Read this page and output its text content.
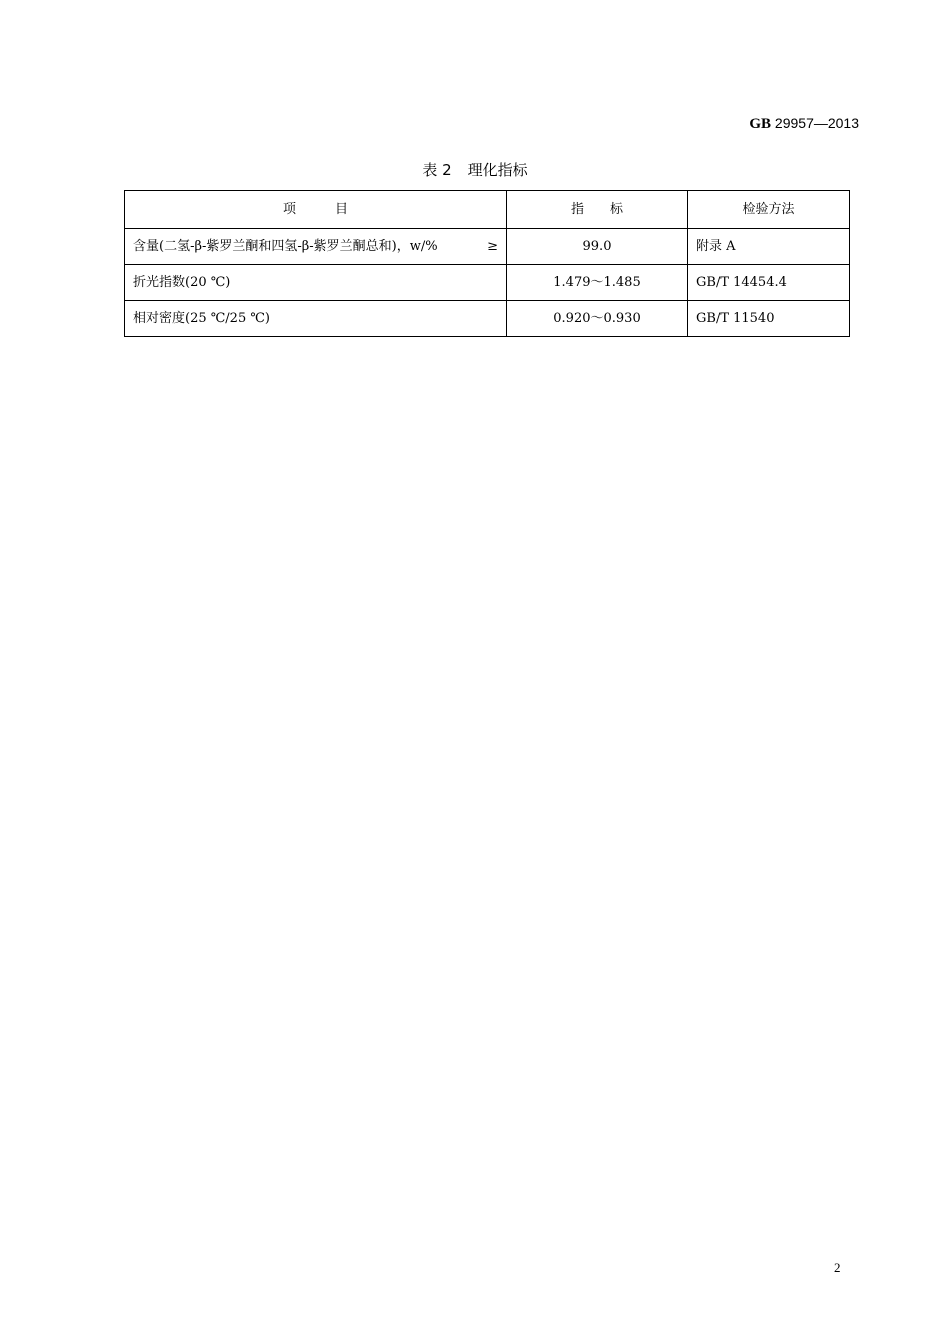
GB 29957—2013
表 2 理化指标
项　　　目	指　　标	检验方法

含量(二氢-β-紫罗兰酮和四氢-β-紫罗兰酮总和)，w/% ≥	99.0	附录 A
折光指数(20 ℃)	1.479～1.485	GB/T 14454.4
相对密度(25 ℃/25 ℃)	0.920～0.930	GB/T 11540
2
